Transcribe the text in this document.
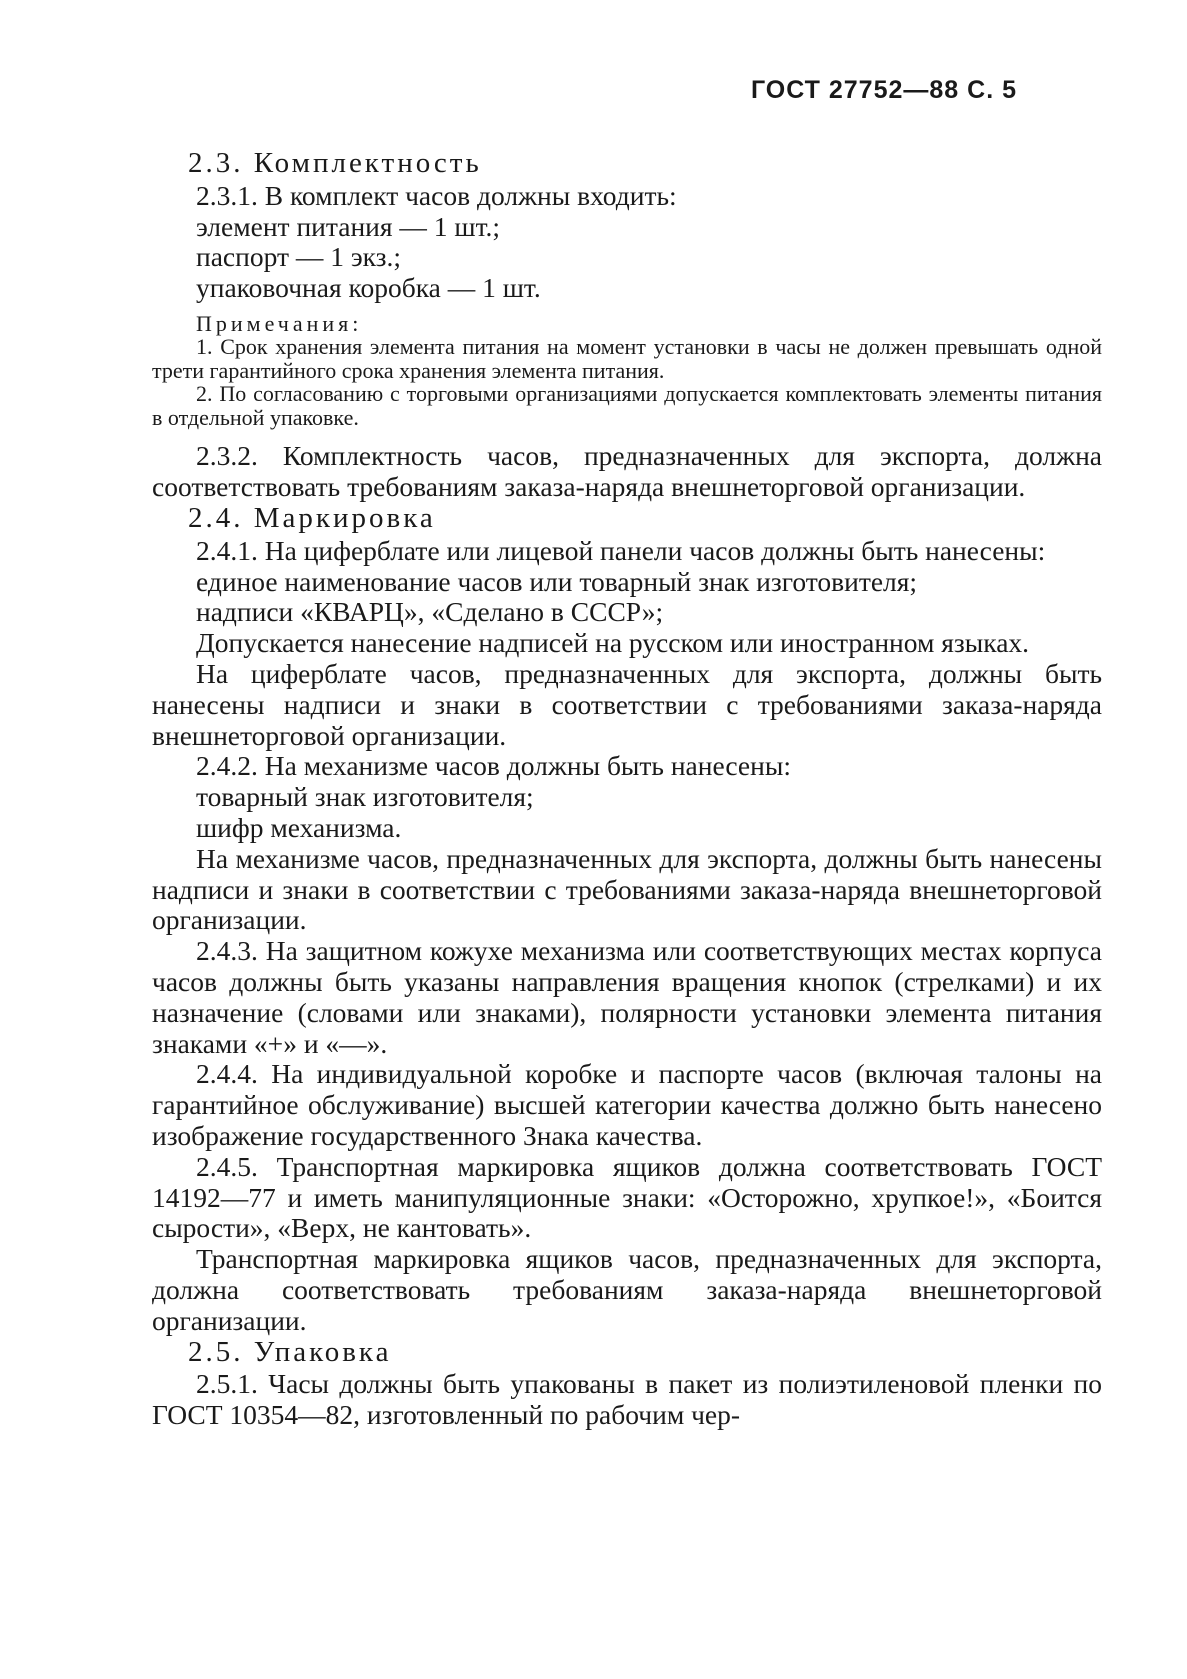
ГОСТ 27752—88 С. 5
2.3. Комплектность
2.3.1. В комплект часов должны входить:
элемент питания — 1 шт.;
паспорт — 1 экз.;
упаковочная коробка — 1 шт.
Примечания:

1. Срок хранения элемента питания на момент установки в часы не должен превышать одной трети гарантийного срока хранения элемента питания.

2. По согласованию с торговыми организациями допускается комплектовать элементы питания в отдельной упаковке.

2.3.2. Комплектность часов, предназначенных для экспорта, должна соответствовать требованиям заказа-наряда внешнеторговой организации.

2.4. Маркировка

2.4.1. На циферблате или лицевой панели часов должны быть нанесены:

единое наименование часов или товарный знак изготовителя;
надписи «КВАРЦ», «Сделано в СССР»;

Допускается нанесение надписей на русском или иностранном языках.

На циферблате часов, предназначенных для экспорта, должны быть нанесены надписи и знаки в соответствии с требованиями заказа-наряда внешнеторговой организации.

2.4.2. На механизме часов должны быть нанесены:
товарный знак изготовителя;
шифр механизма.

На механизме часов, предназначенных для экспорта, должны быть нанесены надписи и знаки в соответствии с требованиями заказа-наряда внешнеторговой организации.

2.4.3. На защитном кожухе механизма или соответствующих местах корпуса часов должны быть указаны направления вращения кнопок (стрелками) и их назначение (словами или знаками), полярности установки элемента питания знаками «+» и «—».

2.4.4. На индивидуальной коробке и паспорте часов (включая талоны на гарантийное обслуживание) высшей категории качества должно быть нанесено изображение государственного Знака качества.

2.4.5. Транспортная маркировка ящиков должна соответствовать ГОСТ 14192—77 и иметь манипуляционные знаки: «Осторожно, хрупкое!», «Боится сырости», «Верх, не кантовать».

Транспортная маркировка ящиков часов, предназначенных для экспорта, должна соответствовать требованиям заказа-наряда внешнеторговой организации.

2.5. Упаковка

2.5.1. Часы должны быть упакованы в пакет из полиэтиленовой пленки по ГОСТ 10354—82, изготовленный по рабочим чер-
